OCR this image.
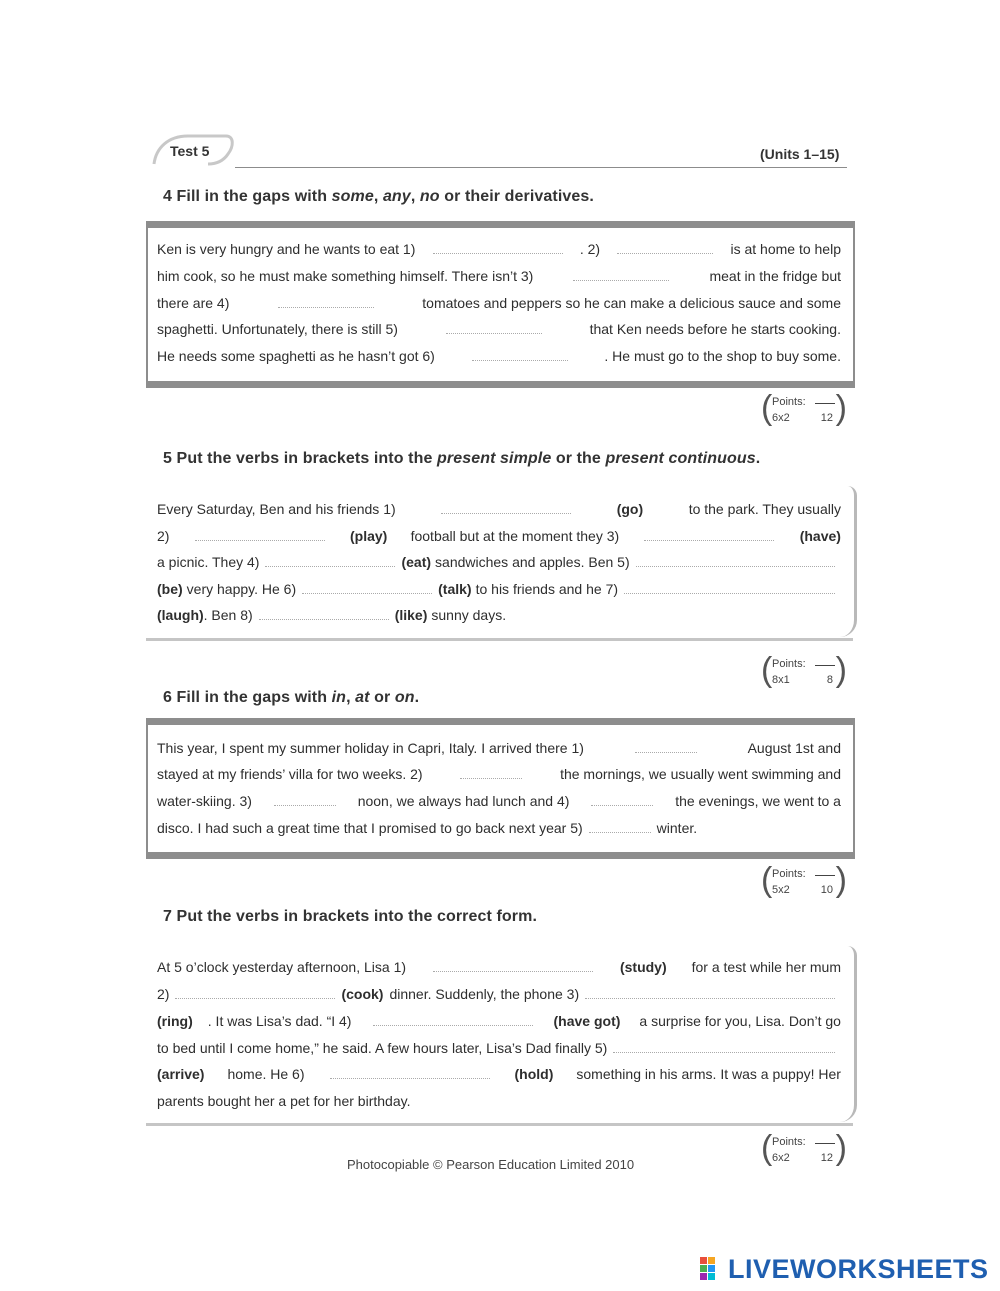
Test 5	(Units 1–15)
4 Fill in the gaps with some, any, no or their derivatives.
Ken is very hungry and he wants to eat 1)	. 2)	is at home to help
him cook, so he must make something himself. There isn’t 3)	meat in the fridge but
there are 4)	tomatoes and peppers so he can make a delicious sauce and some
spaghetti. Unfortunately, there is still 5)	that Ken needs before he starts cooking.
He needs some spaghetti as he hasn’t got 6)	. He must go to the shop to buy some.
( Points:
6x2	12 )
5 Put the verbs in brackets into the present simple or the present continuous.
Every Saturday, Ben and his friends 1)	(go)	to the park. They usually
2)	(play) football but at the moment they 3)	(have)
a picnic. They 4)	(eat) sandwiches and apples. Ben 5)
(be) very happy. He 6)	(talk) to his friends and he 7)
(laugh) . Ben 8)	(like) sunny days.
( Points:
8x1	8 )
6 Fill in the gaps with in, at or on.
This year, I spent my summer holiday in Capri, Italy. I arrived there 1)	August 1st and
stayed at my friends’ villa for two weeks. 2)	the mornings, we usually went swimming and
water-skiing. 3)	noon, we always had lunch and 4)	the evenings, we went to a
disco. I had such a great time that I promised to go back next year 5)	winter.
( Points:
5x2	10 )
7 Put the verbs in brackets into the correct form.
At 5 o’clock yesterday afternoon, Lisa 1)	(study) for a test while her mum
2)	(cook) dinner. Suddenly, the phone 3)
(ring) . It was Lisa’s dad. “I 4)	(have got) a surprise for you, Lisa. Don’t go
to bed until I come home,” he said. A few hours later, Lisa’s Dad finally 5)
(arrive) home. He 6)	(hold) something in his arms. It was a puppy! Her
parents bought her a pet for her birthday.
( Points:
6x2	12 )
Photocopiable © Pearson Education Limited 2010
LIVEWORKSHEETS
